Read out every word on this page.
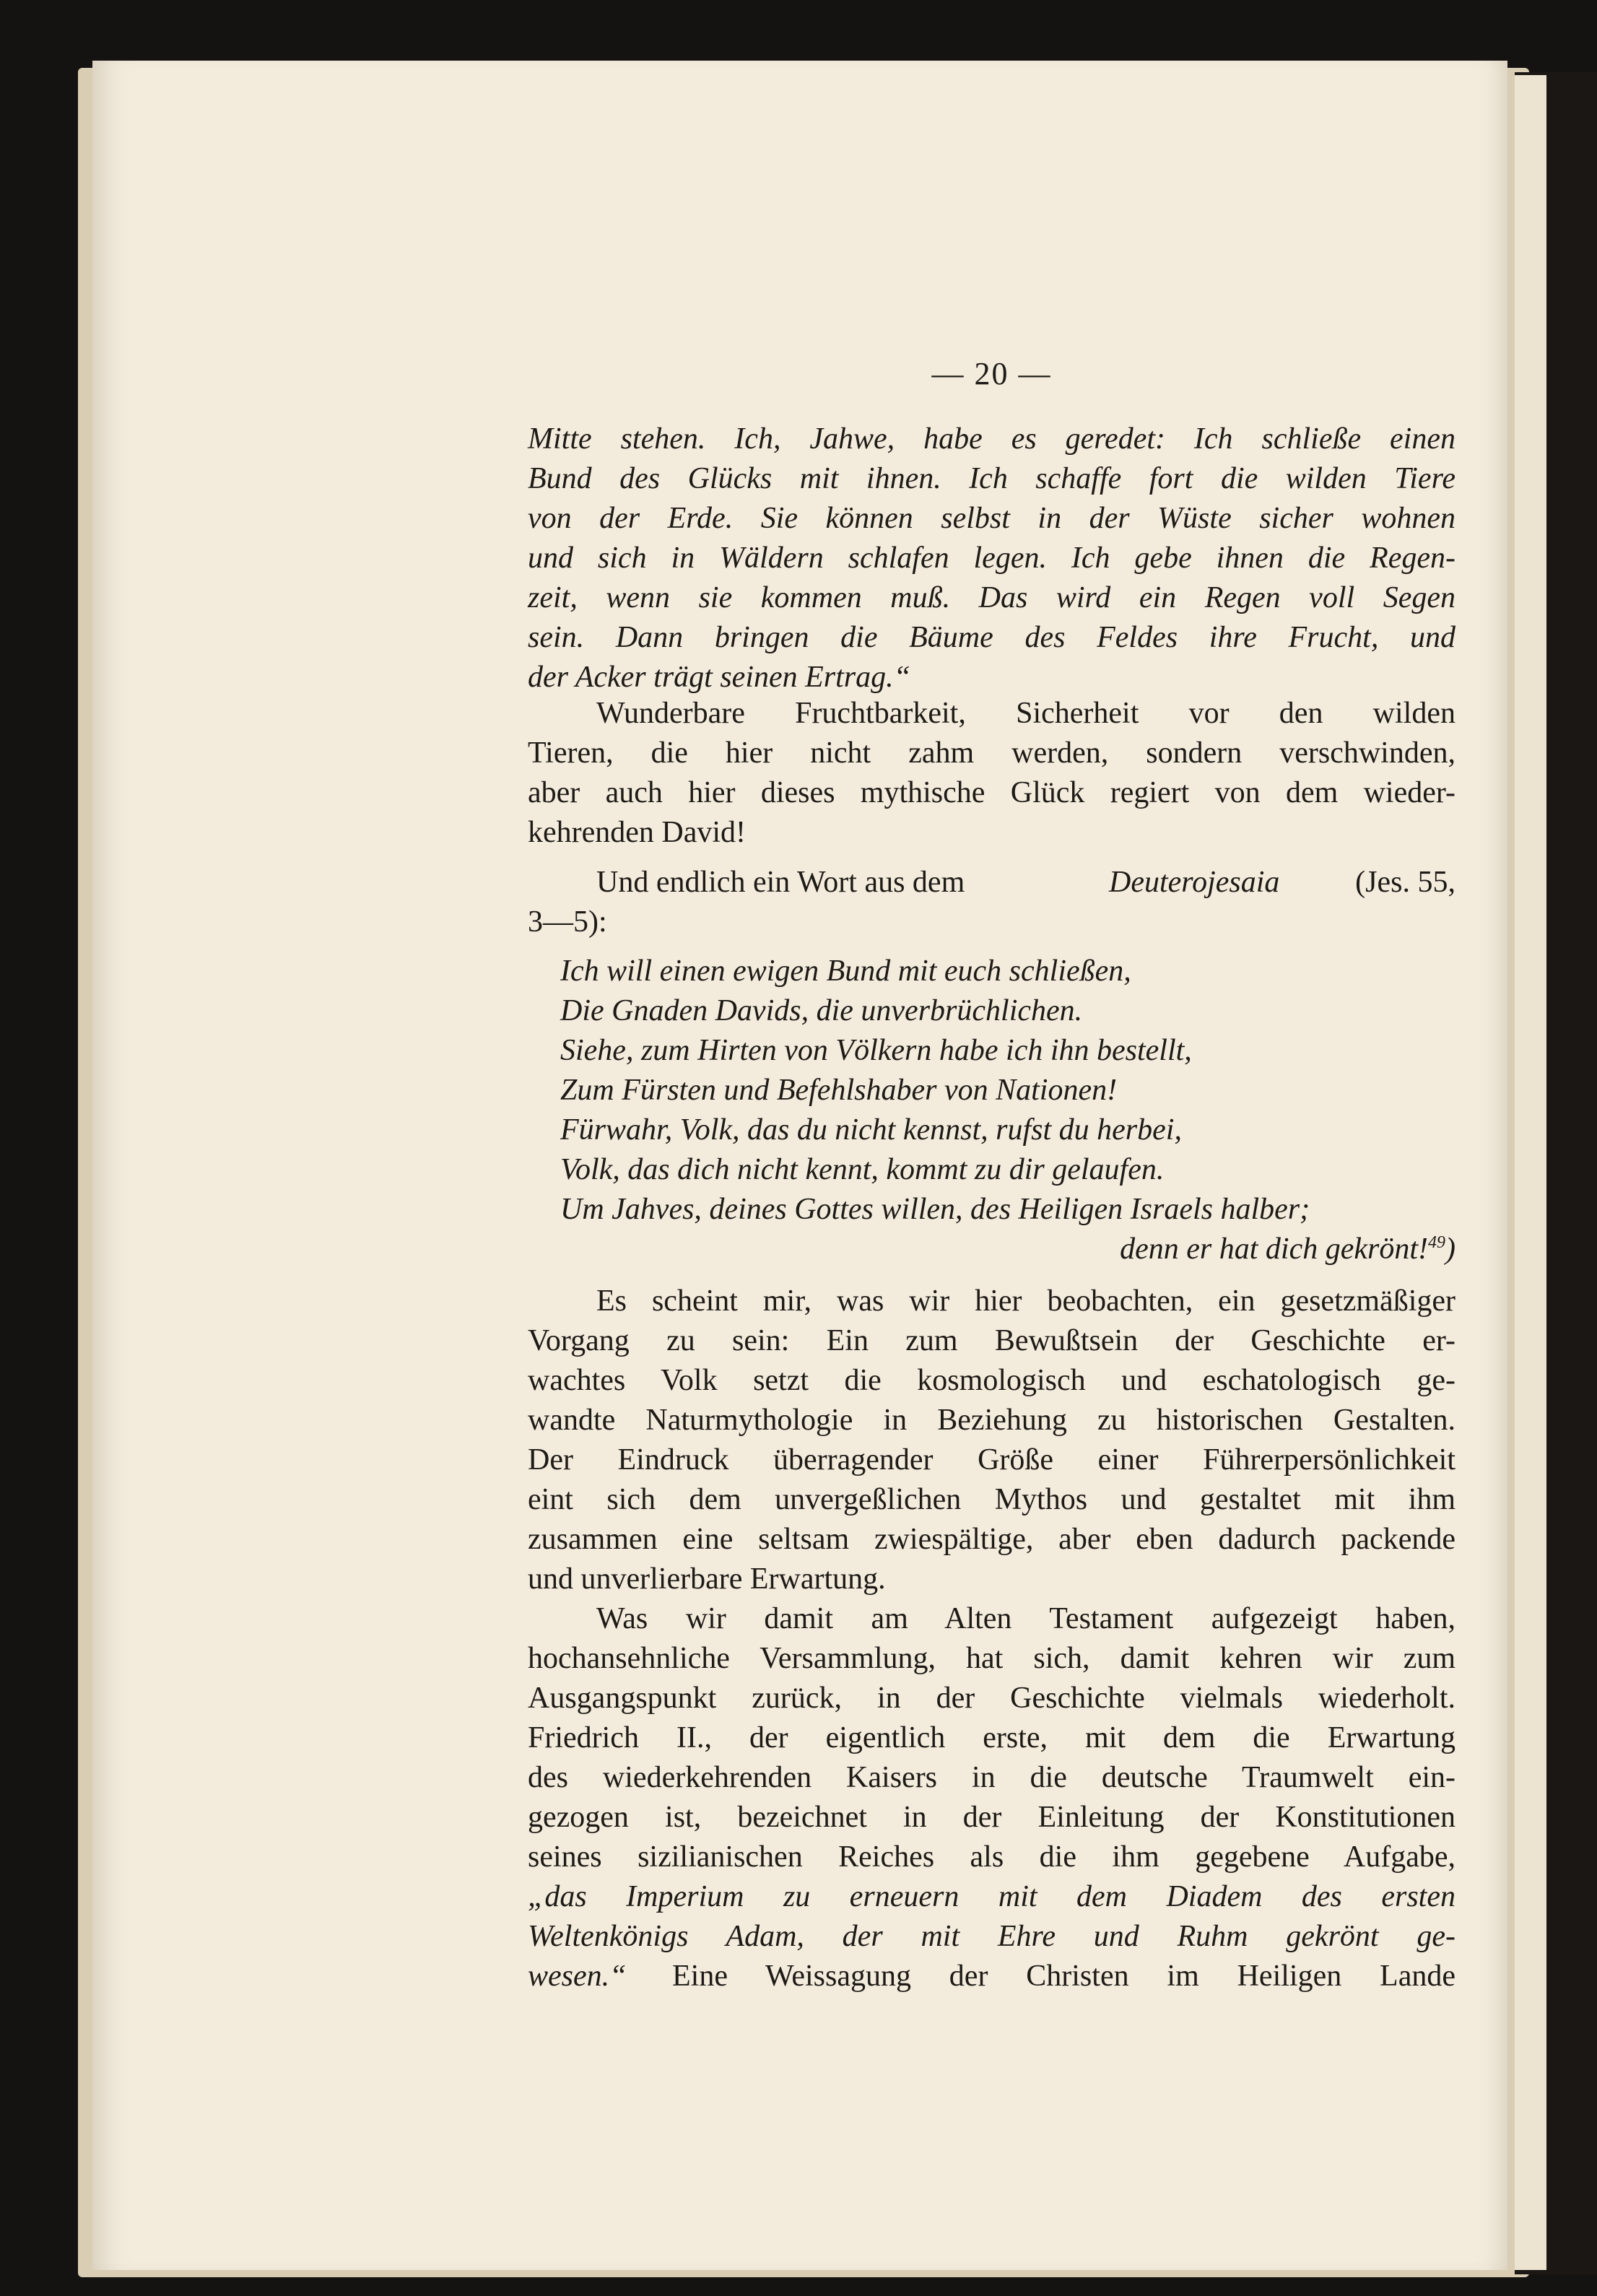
— 20 —

Mitte stehen. Ich, Jahwe, habe es geredet: Ich schließe einen

Bund des Glücks mit ihnen. Ich schaffe fort die wilden Tiere

von der Erde. Sie können selbst in der Wüste sicher wohnen

und sich in Wäldern schlafen legen. Ich gebe ihnen die Regen-

zeit, wenn sie kommen muß. Das wird ein Regen voll Segen

sein. Dann bringen die Bäume des Feldes ihre Frucht, und

der Acker trägt seinen Ertrag.“

Wunderbare Fruchtbarkeit, Sicherheit vor den wilden

Tieren, die hier nicht zahm werden, sondern verschwinden,

aber auch hier dieses mythische Glück regiert von dem wieder-

kehrenden David!

Und endlich ein Wort aus dem	Deuterojesaia	(Jes. 55,

3—5):

Ich will einen ewigen Bund mit euch schließen,

Die Gnaden Davids, die unverbrüchlichen.

Siehe, zum Hirten von Völkern habe ich ihn bestellt,

Zum Fürsten und Befehlshaber von Nationen!

Fürwahr, Volk, das du nicht kennst, rufst du herbei,

Volk, das dich nicht kennt, kommt zu dir gelaufen.

Um Jahves, deines Gottes willen, des Heiligen Israels halber;

denn er hat dich gekrönt!$^{49}$)

Es scheint mir, was wir hier beobachten, ein gesetzmäßiger

Vorgang zu sein: Ein zum Bewußtsein der Geschichte er-

wachtes Volk setzt die kosmologisch und eschatologisch ge-

wandte Naturmythologie in Beziehung zu historischen Gestalten.

Der Eindruck überragender Größe einer Führerpersönlichkeit

eint sich dem unvergeßlichen Mythos und gestaltet mit ihm

zusammen eine seltsam zwiespältige, aber eben dadurch packende

und unverlierbare Erwartung.

Was wir damit am Alten Testament aufgezeigt haben,

hochansehnliche Versammlung, hat sich, damit kehren wir zum

Ausgangspunkt zurück, in der Geschichte vielmals wiederholt.

Friedrich II., der eigentlich erste, mit dem die Erwartung

des wiederkehrenden Kaisers in die deutsche Traumwelt ein-

gezogen ist, bezeichnet in der Einleitung der Konstitutionen

seines sizilianischen Reiches als die ihm gegebene Aufgabe,

„das Imperium zu erneuern mit dem Diadem des ersten

Weltenkönigs Adam, der mit Ehre und Ruhm gekrönt ge-

wesen.“ Eine Weissagung der Christen im Heiligen Lande
